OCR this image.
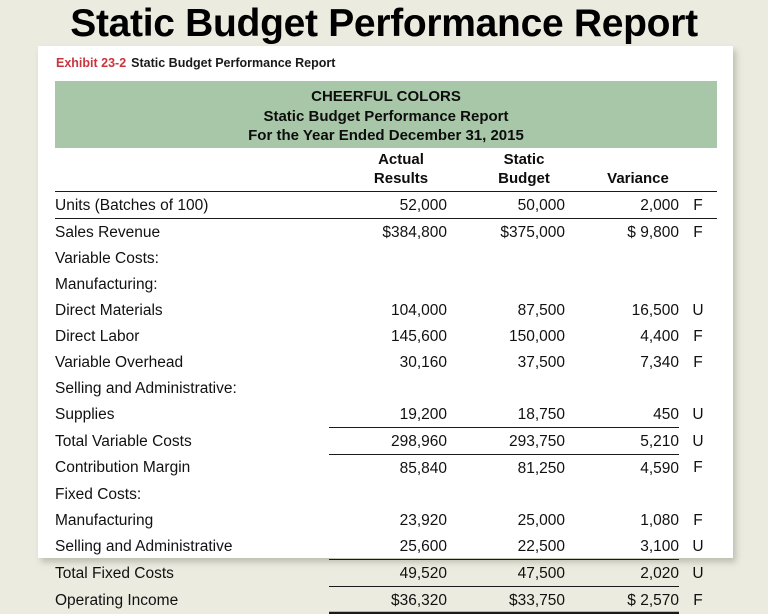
Static Budget Performance Report
Exhibit 23-2 Static Budget Performance Report
CHEERFUL COLORS
Static Budget Performance Report
For the Year Ended December 31, 2015
Actual
Results
Static
Budget	Variance
Units (Batches of 100)	52,000	50,000	2,000	F
Sales Revenue	$384,800	$375,000	$ 9,800	F
Variable Costs:				
Manufacturing:				
Direct Materials	104,000	87,500	16,500	U
Direct Labor	145,600	150,000	4,400	F
Variable Overhead	30,160	37,500	7,340	F
Selling and Administrative:				
Supplies	19,200	18,750	450	U
Total Variable Costs	298,960	293,750	5,210	U
Contribution Margin	85,840	81,250	4,590	F
Fixed Costs:				
Manufacturing	23,920	25,000	1,080	F
Selling and Administrative	25,600	22,500	3,100	U
Total Fixed Costs	49,520	47,500	2,020	U
Operating Income	$36,320	$33,750	$ 2,570	F
